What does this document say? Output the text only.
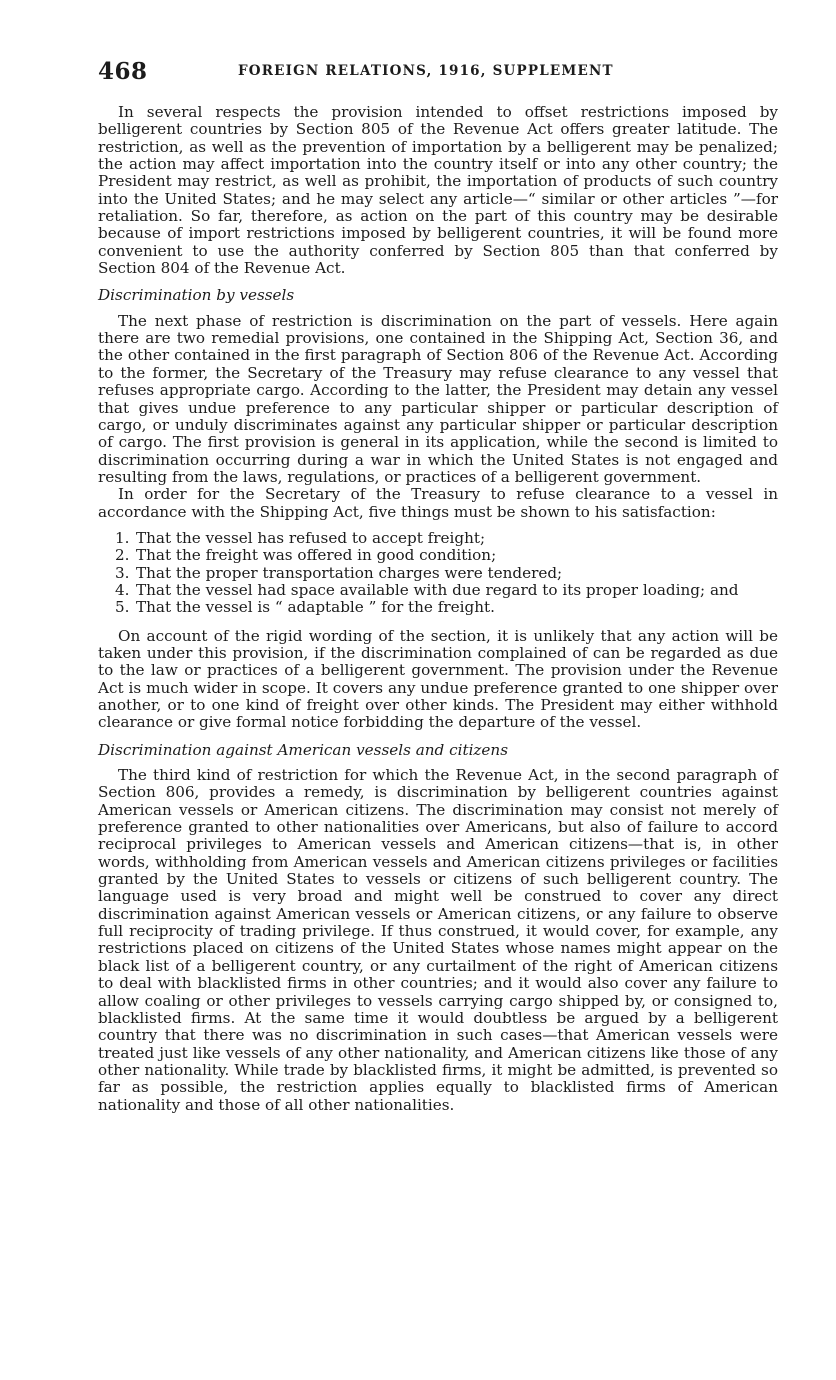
468	FOREIGN RELATIONS, 1916, SUPPLEMENT

In several respects the provision intended to offset restrictions imposed by belligerent countries by Section 805 of the Revenue Act offers greater latitude. The restriction, as well as the prevention of importation by a belligerent may be penalized; the action may affect importation into the country itself or into any other country; the President may restrict, as well as prohibit, the importation of products of such country into the United States; and he may select any article—“ similar or other articles ”—for retaliation. So far, therefore, as action on the part of this country may be desirable because of import restrictions imposed by belligerent countries, it will be found more convenient to use the authority conferred by Section 805 than that conferred by Section 804 of the Revenue Act.

Discrimination by vessels

The next phase of restriction is discrimination on the part of vessels. Here again there are two remedial provisions, one contained in the Shipping Act, Section 36, and the other contained in the first paragraph of Section 806 of the Revenue Act. According to the former, the Secretary of the Treasury may refuse clearance to any vessel that refuses appropriate cargo. According to the latter, the President may detain any vessel that gives undue preference to any particular shipper or particular description of cargo, or unduly discriminates against any particular shipper or particular description of cargo. The first provision is general in its application, while the second is limited to discrimination occurring during a war in which the United States is not engaged and resulting from the laws, regulations, or practices of a belligerent government.

In order for the Secretary of the Treasury to refuse clearance to a vessel in accordance with the Shipping Act, five things must be shown to his satisfaction:

1. That the vessel has refused to accept freight;
2. That the freight was offered in good condition;
3. That the proper transportation charges were tendered;
4. That the vessel had space available with due regard to its proper loading; and
5. That the vessel is “ adaptable ” for the freight.

On account of the rigid wording of the section, it is unlikely that any action will be taken under this provision, if the discrimination complained of can be regarded as due to the law or practices of a belligerent government. The provision under the Revenue Act is much wider in scope. It covers any undue preference granted to one shipper over another, or to one kind of freight over other kinds. The President may either withhold clearance or give formal notice forbidding the departure of the vessel.

Discrimination against American vessels and citizens

The third kind of restriction for which the Revenue Act, in the second paragraph of Section 806, provides a remedy, is discrimination by belligerent countries against American vessels or American citizens. The discrimination may consist not merely of preference granted to other nationalities over Americans, but also of failure to accord reciprocal privileges to American vessels and American citizens—that is, in other words, withholding from American vessels and American citizens privileges or facilities granted by the United States to vessels or citizens of such belligerent country. The language used is very broad and might well be construed to cover any direct discrimination against American vessels or American citizens, or any failure to observe full reciprocity of trading privilege. If thus construed, it would cover, for example, any restrictions placed on citizens of the United States whose names might appear on the black list of a belligerent country, or any curtailment of the right of American citizens to deal with blacklisted firms in other countries; and it would also cover any failure to allow coaling or other privileges to vessels carrying cargo shipped by, or consigned to, blacklisted firms. At the same time it would doubtless be argued by a belligerent country that there was no discrimination in such cases—that American vessels were treated just like vessels of any other nationality, and American citizens like those of any other nationality. While trade by blacklisted firms, it might be admitted, is prevented so far as possible, the restriction applies equally to blacklisted firms of American nationality and those of all other nationalities.
